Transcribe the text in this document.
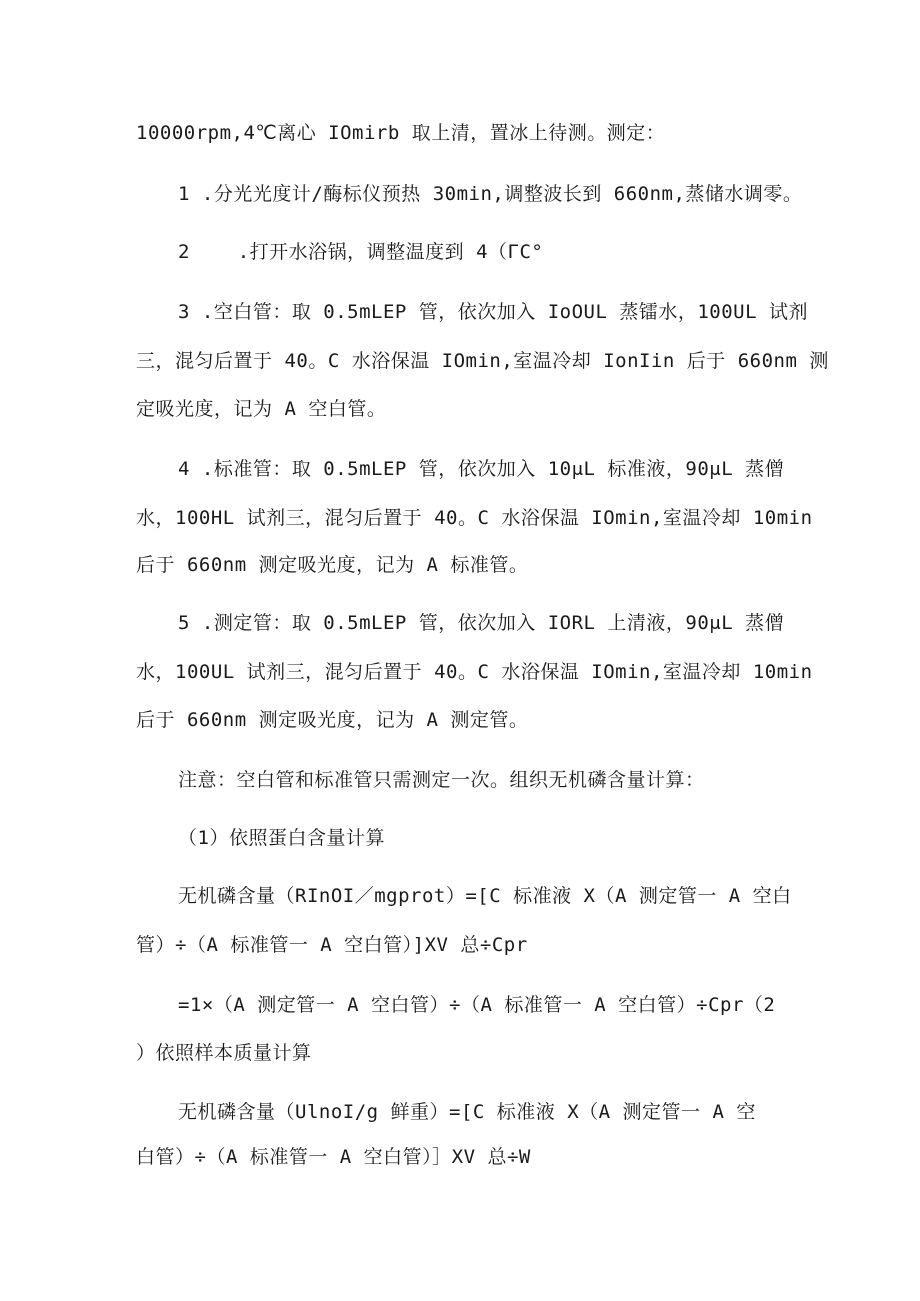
10000rpm,4℃离心 IOmirb 取上清，置冰上待测。测定：
1 .分光光度计/酶标仪预热 30min,调整波长到 660nm,蒸储水调零。
2    .打开水浴锅，调整温度到 4（ΓC°
3 .空白管：取 0.5mLEP 管，依次加入 IoOUL 蒸镭水，100UL 试剂
三，混匀后置于 40。C 水浴保温 IOmin,室温冷却 IonIin 后于 660nm 测
定吸光度，记为 A 空白管。
4 .标准管：取 0.5mLEP 管，依次加入 10μL 标准液，90μL 蒸僧
水，100HL 试剂三，混匀后置于 40。C 水浴保温 IOmin,室温冷却 10min
后于 660nm 测定吸光度，记为 A 标准管。
5 .测定管：取 0.5mLEP 管，依次加入 IORL 上清液，90μL 蒸僧
水，100UL 试剂三，混匀后置于 40。C 水浴保温 IOmin,室温冷却 10min
后于 660nm 测定吸光度，记为 A 测定管。
注意：空白管和标准管只需测定一次。组织无机磷含量计算：
（1）依照蛋白含量计算
无机磷含量（RInOI／mgprot）=[C 标准液 X（A 测定管一 A 空白
管）÷（A 标准管一 A 空白管）]XV 总÷Cpr
=1×（A 测定管一 A 空白管）÷（A 标准管一 A 空白管）÷Cpr（2
）依照样本质量计算
无机磷含量（UlnoI/g 鲜重）=[C 标准液 X（A 测定管一 A 空
白管）÷（A 标准管一 A 空白管）］XV 总÷W
